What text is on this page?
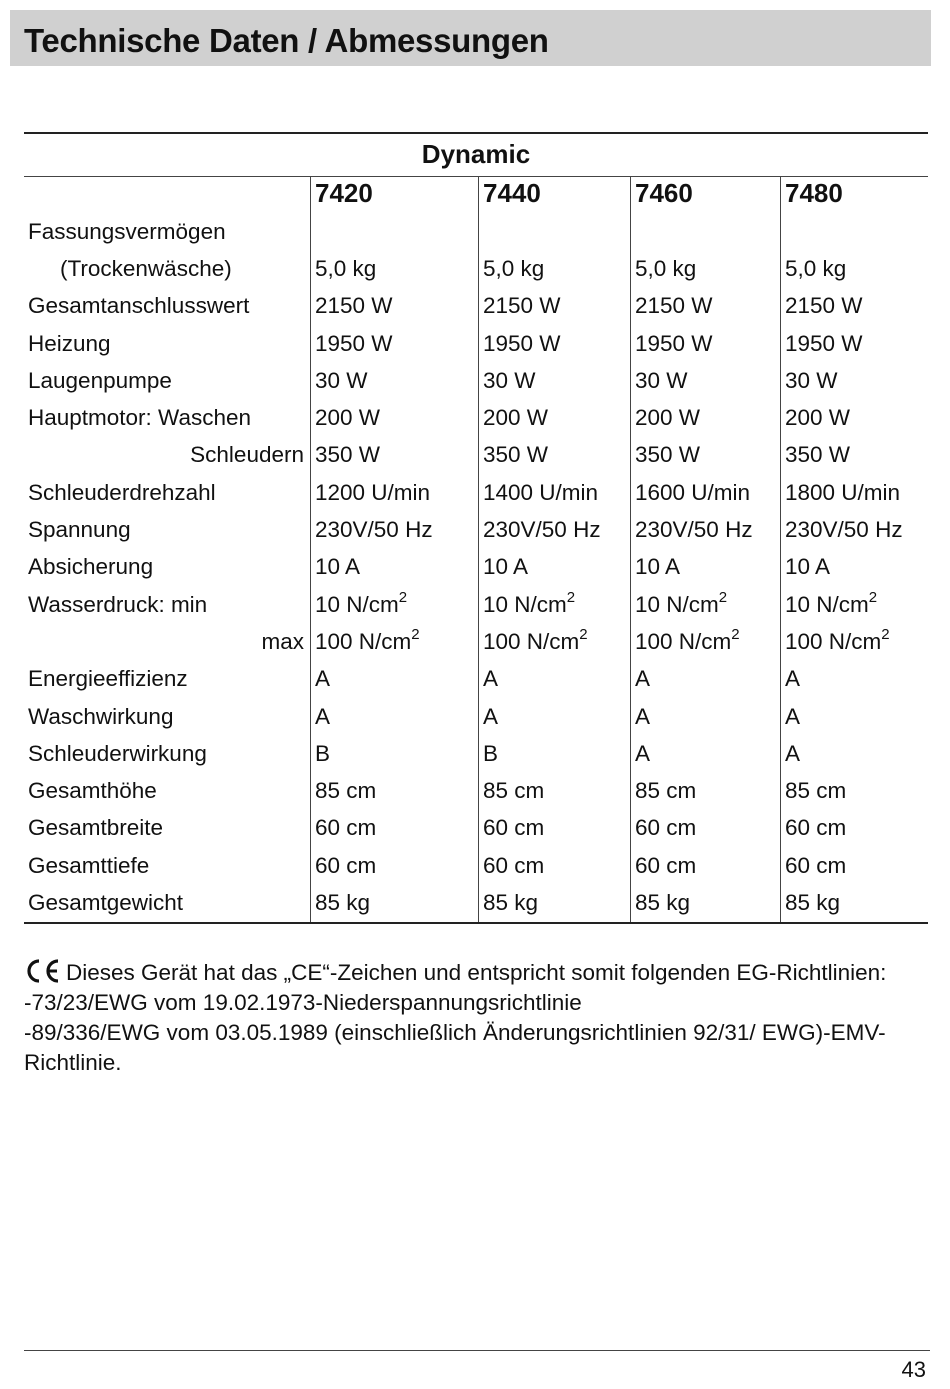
Technische Daten / Abmessungen
Dynamic
7420	7440	7460	7480
Fassungsvermögen
(Trockenwäsche)	5,0 kg	5,0 kg	5,0 kg	5,0 kg
Gesamtanschlusswert	2150 W	2150 W	2150 W	2150 W
Heizung	1950 W	1950 W	1950 W	1950 W
Laugenpumpe	30 W	30 W	30 W	30 W
Hauptmotor: Waschen	200 W	200 W	200 W	200 W
Schleudern 350 W	350 W	350 W	350 W
Schleuderdrehzahl	1200 U/min	1400 U/min	1600 U/min	1800 U/min
Spannung	230V/50 Hz	230V/50 Hz	230V/50 Hz	230V/50 Hz
Absicherung	10 A	10 A	10 A	10 A
Wasserdruck: min	10 $N/cm^2$	10 $N/cm^2$	10 $N/cm^2$	10 $N/cm^2$
max 100 $N/cm^2$	100 $N/cm^2$	100 $N/cm^2$	100 $N/cm^2$
Energieeffizienz	A	A	A	A
Waschwirkung	A	A	A	A
Schleuderwirkung	B	B	A	A
Gesamthöhe	85 cm	85 cm	85 cm	85 cm
Gesamtbreite	60 cm	60 cm	60 cm	60 cm
Gesamttiefe	60 cm	60 cm	60 cm	60 cm
Gesamtgewicht	85 kg	85 kg	85 kg	85 kg

Dieses Gerät hat das „CE“-Zeichen und entspricht somit folgenden EG-Richtlinien:

-73/23/EWG vom 19.02.1973-Niederspannungsrichtlinie

-89/336/EWG vom 03.05.1989 (einschließlich Änderungsrichtlinien 92/31/ EWG)-EMV-Richtlinie.

43
